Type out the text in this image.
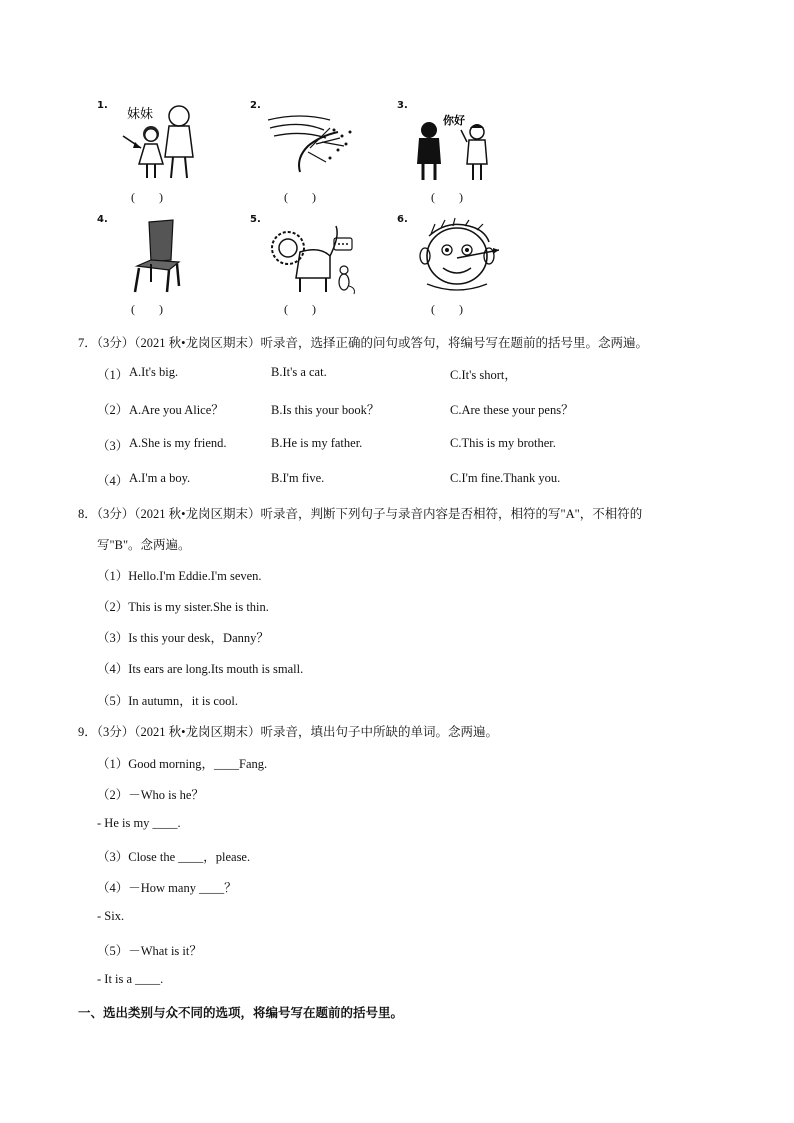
1.
妹妹
(　　)
2.
(　　)
3.
你好
(　　)
4.
(　　)
5.
(　　)
6.
(　　)
7．（3分）（2021 秋•龙岗区期末）听录音，选择正确的问句或答句，将编号写在题前的括号里。念两遍。
（1） A.It's big.	B.It's a cat.	C.It's short，
（2） A.Are you Alice？	B.Is this your book？	C.Are these your pens？
（3） A.She is my friend.	B.He is my father.	C.This is my brother.
（4） A.I'm a boy.	B.I'm five.	C.I'm fine.Thank you.
8．（3分）（2021 秋•龙岗区期末）听录音，判断下列句子与录音内容是否相符，相符的写"A"，不相符的
写"B"。念两遍。
（1）Hello.I'm Eddie.I'm seven.
（2）This is my sister.She is thin.
（3）Is this your desk，Danny？
（4）Its ears are long.Its mouth is small.
（5）In autumn，it is cool.
9．（3分）（2021 秋•龙岗区期末）听录音，填出句子中所缺的单词。念两遍。
（1）Good morning，____Fang.
（2）－Who is he？
- He is my ____.
（3）Close the ____，please.
（4）－How many ____？
- Six.
（5）－What is it？
- It is a ____.
一、选出类别与众不同的选项，将编号写在题前的括号里。
